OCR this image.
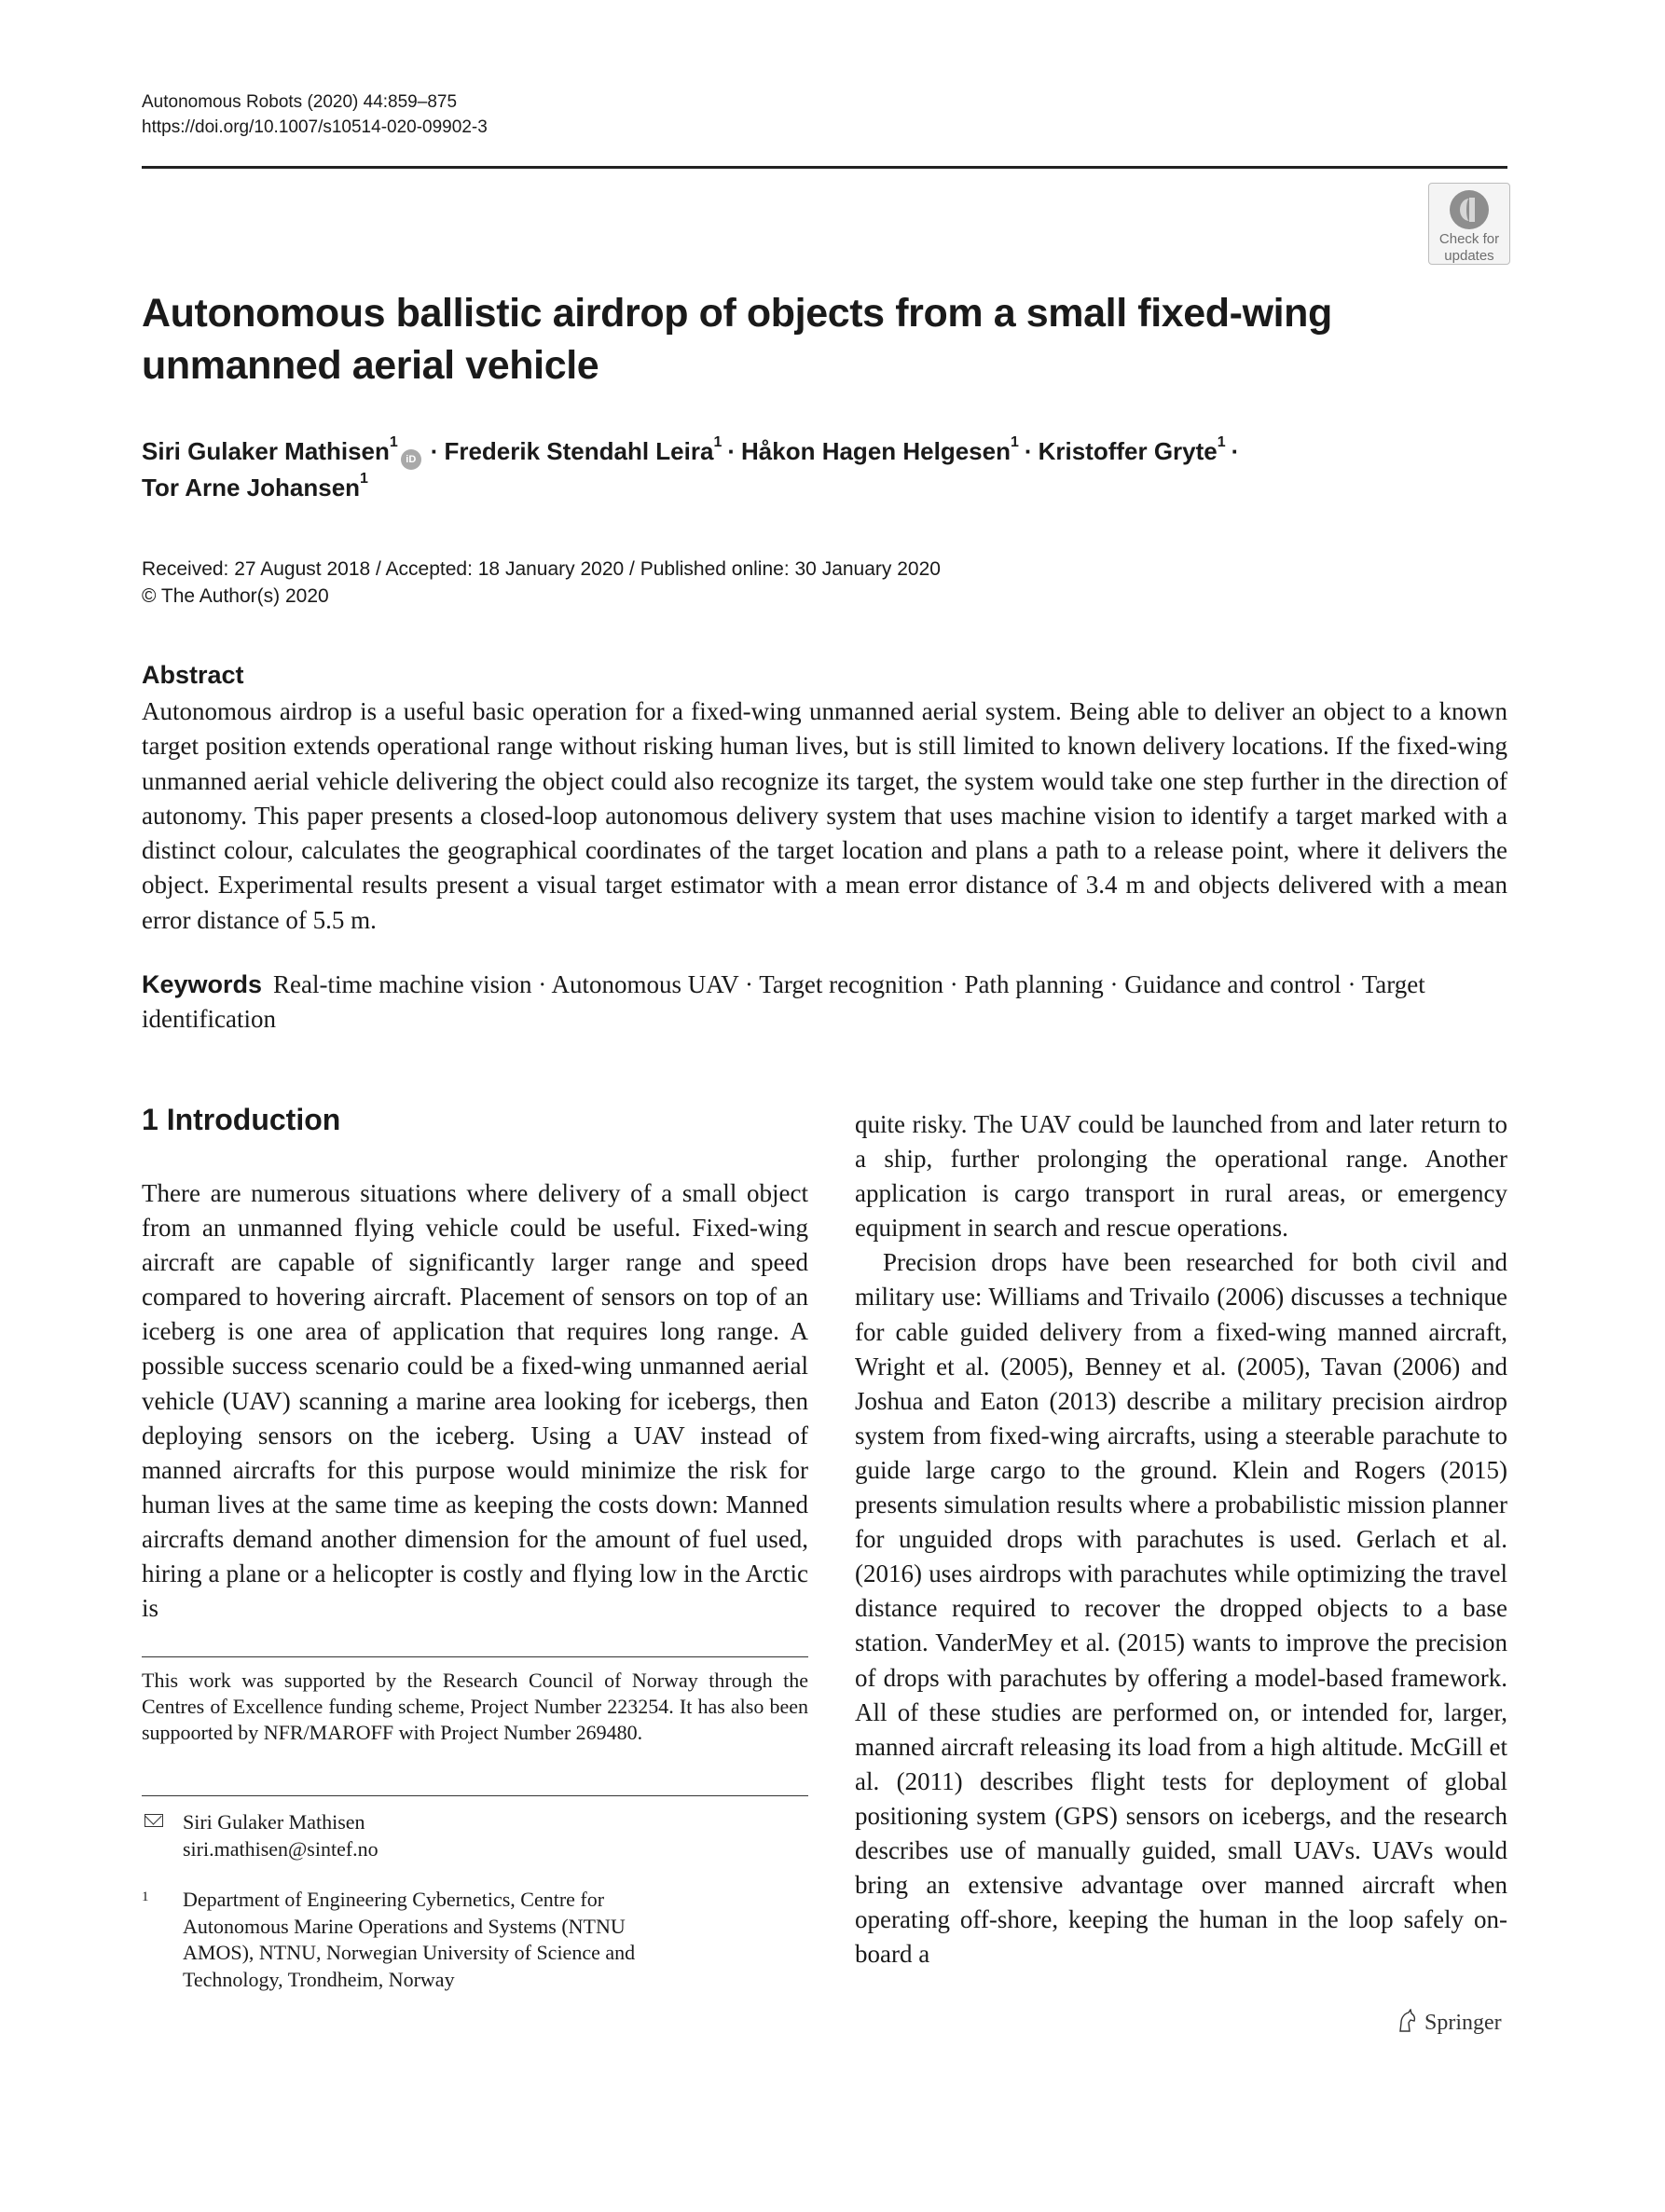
Autonomous Robots (2020) 44:859–875
https://doi.org/10.1007/s10514-020-09902-3
Check for
updates
Autonomous ballistic airdrop of objects from a small fixed-wing
unmanned aerial vehicle
Siri Gulaker Mathisen$^1$iD · Frederik Stendahl Leira$^1$ · Håkon Hagen Helgesen$^1$ · Kristoffer Gryte$^1$ ·
Tor Arne Johansen$^1$
Received: 27 August 2018 / Accepted: 18 January 2020 / Published online: 30 January 2020
© The Author(s) 2020
Abstract

Autonomous airdrop is a useful basic operation for a fixed-wing unmanned aerial system. Being able to deliver an object to a known target position extends operational range without risking human lives, but is still limited to known delivery locations. If the fixed-wing unmanned aerial vehicle delivering the object could also recognize its target, the system would take one step further in the direction of autonomy. This paper presents a closed-loop autonomous delivery system that uses machine vision to identify a target marked with a distinct colour, calculates the geographical coordinates of the target location and plans a path to a release point, where it delivers the object. Experimental results present a visual target estimator with a mean error distance of 3.4 m and objects delivered with a mean error distance of 5.5 m.

Keywords Real-time machine vision · Autonomous UAV · Target recognition · Path planning · Guidance and control · Target identification

1 Introduction

There are numerous situations where delivery of a small object from an unmanned flying vehicle could be useful. Fixed-wing aircraft are capable of significantly larger range and speed compared to hovering aircraft. Placement of sensors on top of an iceberg is one area of application that requires long range. A possible success scenario could be a fixed-wing unmanned aerial vehicle (UAV) scanning a marine area looking for icebergs, then deploying sensors on the iceberg. Using a UAV instead of manned aircrafts for this purpose would minimize the risk for human lives at the same time as keeping the costs down: Manned aircrafts demand another dimension for the amount of fuel used, hiring a plane or a helicopter is costly and flying low in the Arctic is

quite risky. The UAV could be launched from and later return to a ship, further prolonging the operational range. Another application is cargo transport in rural areas, or emergency equipment in search and rescue operations.

Precision drops have been researched for both civil and military use: Williams and Trivailo (2006) discusses a technique for cable guided delivery from a fixed-wing manned aircraft, Wright et al. (2005), Benney et al. (2005), Tavan (2006) and Joshua and Eaton (2013) describe a military precision airdrop system from fixed-wing aircrafts, using a steerable parachute to guide large cargo to the ground. Klein and Rogers (2015) presents simulation results where a probabilistic mission planner for unguided drops with parachutes is used. Gerlach et al. (2016) uses airdrops with parachutes while optimizing the travel distance required to recover the dropped objects to a base station. VanderMey et al. (2015) wants to improve the precision of drops with parachutes by offering a model-based framework. All of these studies are performed on, or intended for, larger, manned aircraft releasing its load from a high altitude. McGill et al. (2011) describes flight tests for deployment of global positioning system (GPS) sensors on icebergs, and the research describes use of manually guided, small UAVs. UAVs would bring an extensive advantage over manned aircraft when operating off-shore, keeping the human in the loop safely on-board a

This work was supported by the Research Council of Norway through the Centres of Excellence funding scheme, Project Number 223254. It has also been suppoorted by NFR/MAROFF with Project Number 269480.

Siri Gulaker Mathisen
siri.mathisen@sintef.no
1 Department of Engineering Cybernetics, Centre for
Autonomous Marine Operations and Systems (NTNU
AMOS), NTNU, Norwegian University of Science and
Technology, Trondheim, Norway
Springer
